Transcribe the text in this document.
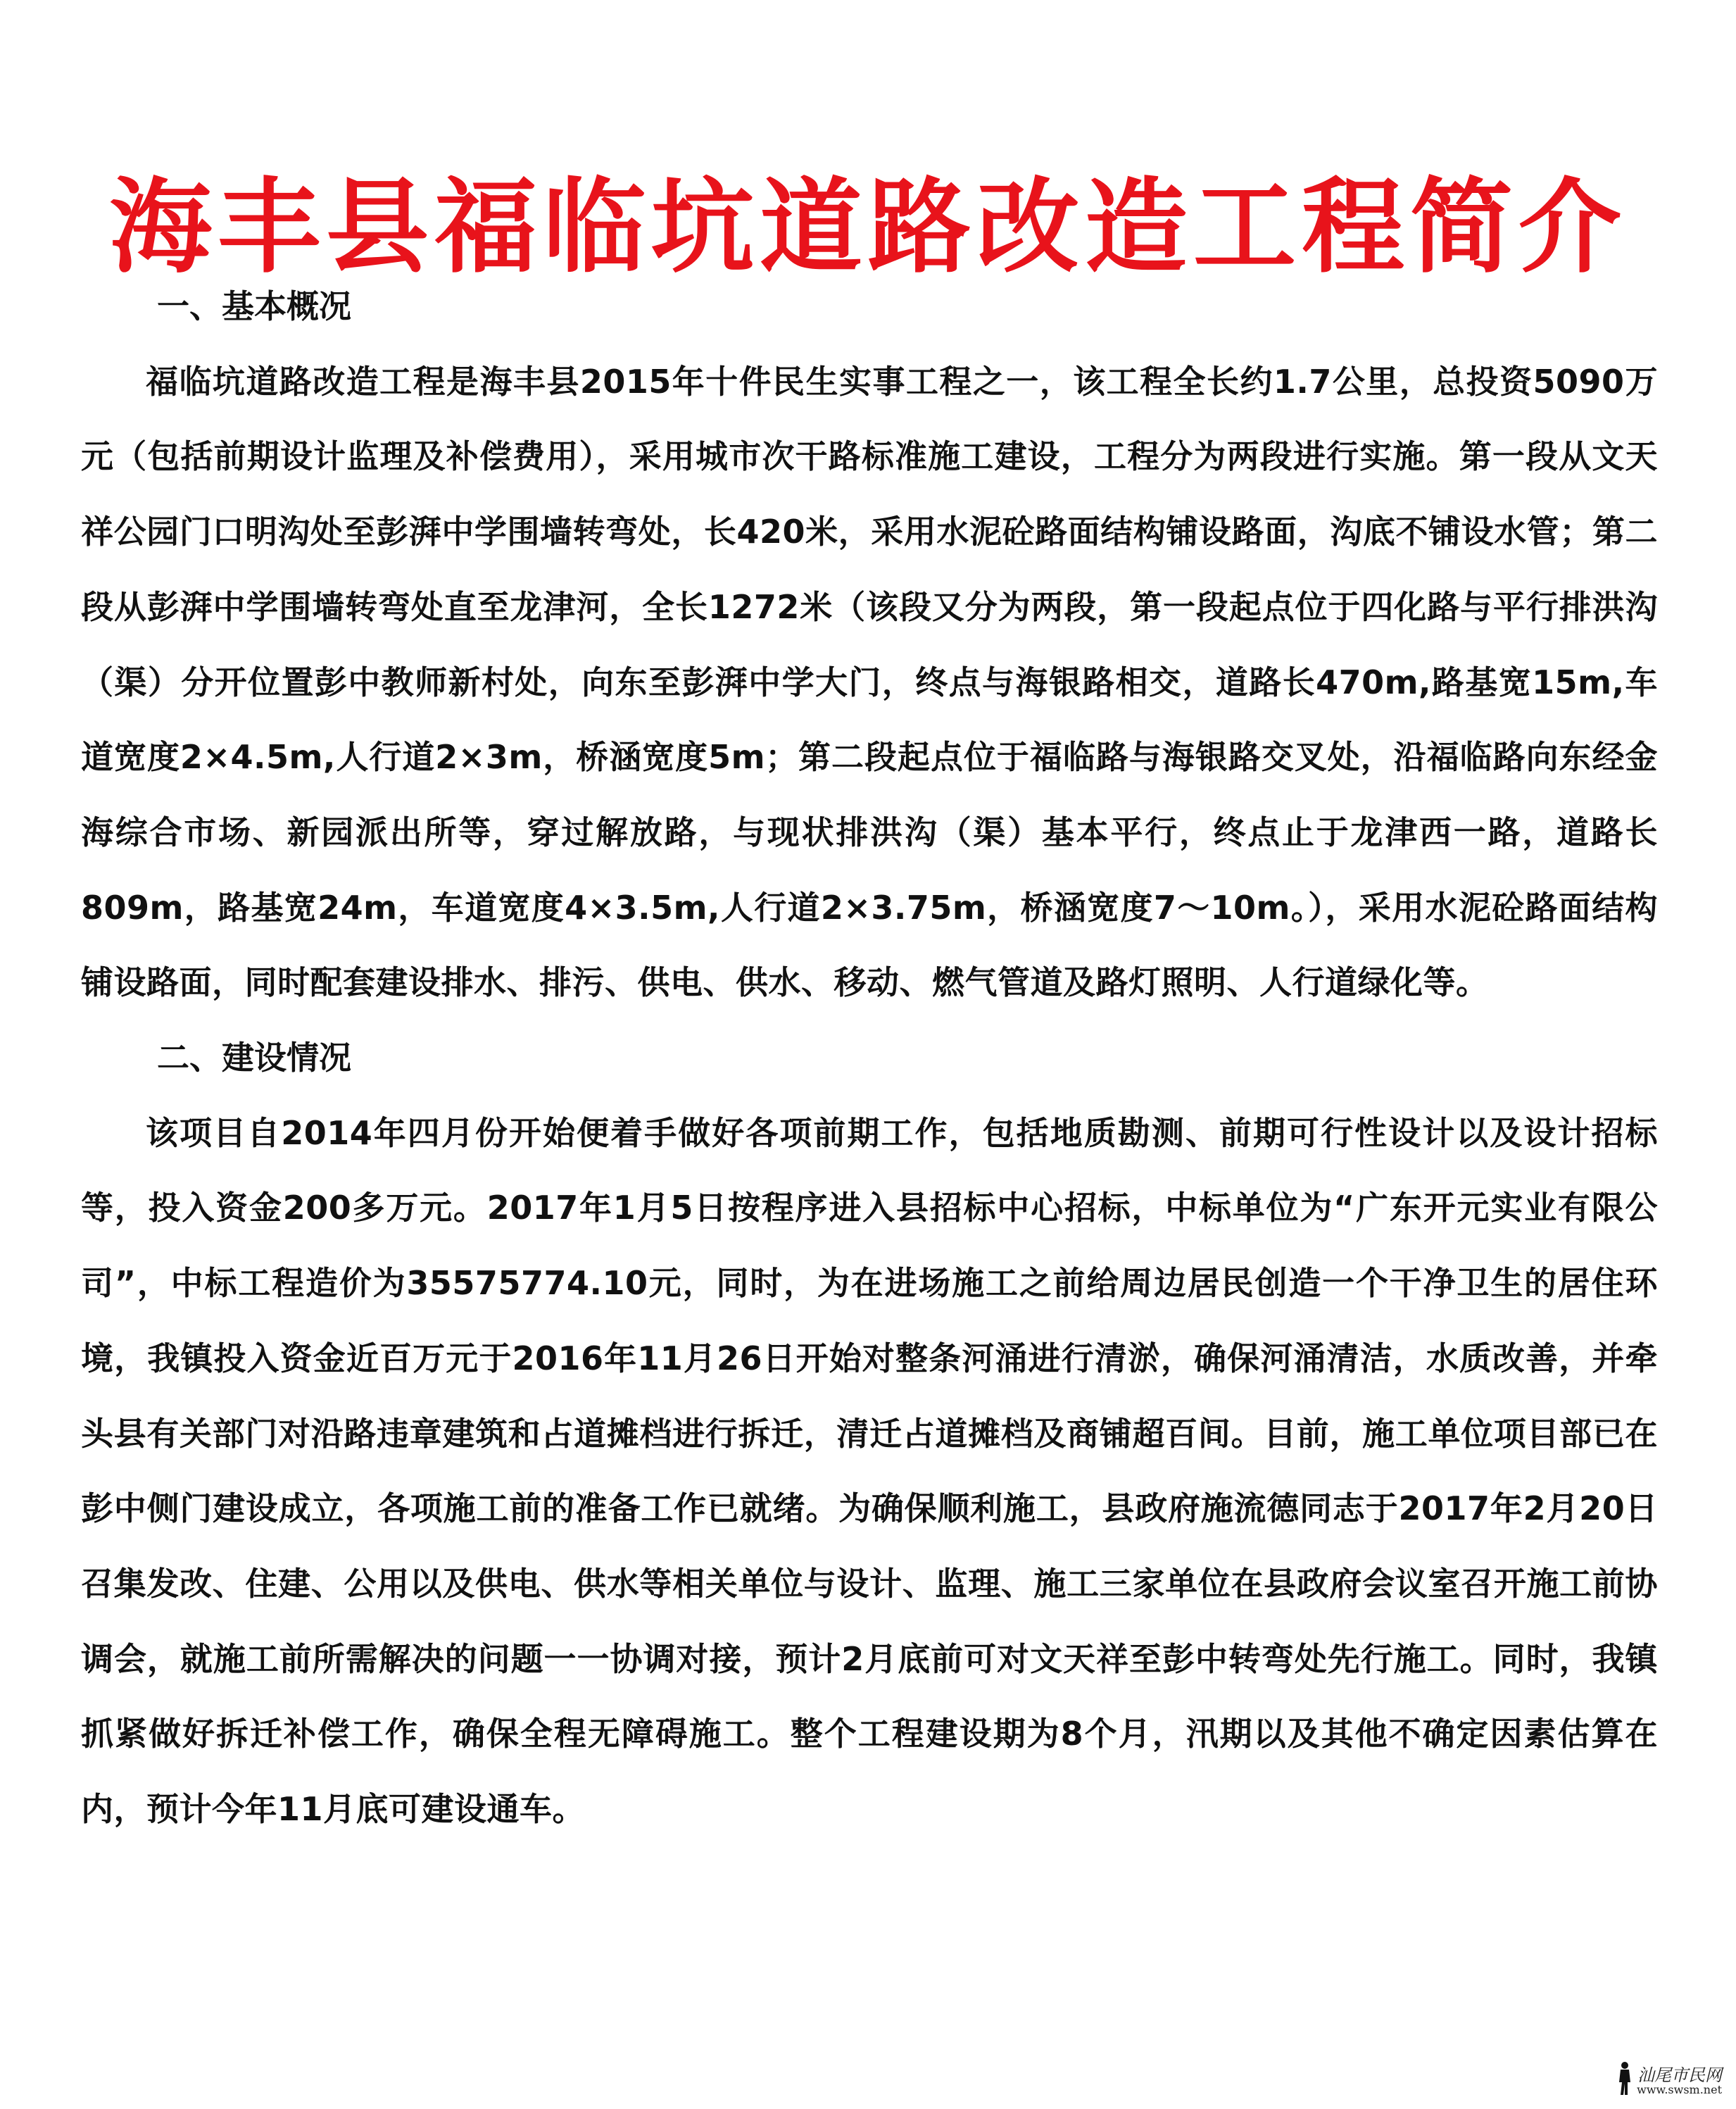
海丰县福临坑道路改造工程简介
一、基本概况

福临坑道路改造工程是海丰县2015年十件民生实事工程之一，该工程全长约1.7公里，总投资5090万元（包括前期设计监理及补偿费用），采用城市次干路标准施工建设，工程分为两段进行实施。第一段从文天祥公园门口明沟处至彭湃中学围墙转弯处，长420米，采用水泥砼路面结构铺设路面，沟底不铺设水管；第二段从彭湃中学围墙转弯处直至龙津河，全长1272米（该段又分为两段，第一段起点位于四化路与平行排洪沟（渠）分开位置彭中教师新村处，向东至彭湃中学大门，终点与海银路相交，道路长470m,路基宽15m,车道宽度2×4.5m,人行道2×3m，桥涵宽度5m；第二段起点位于福临路与海银路交叉处，沿福临路向东经金海综合市场、新园派出所等，穿过解放路，与现状排洪沟（渠）基本平行，终点止于龙津西一路，道路长809m，路基宽24m，车道宽度4×3.5m,人行道2×3.75m，桥涵宽度7～10m。），采用水泥砼路面结构铺设路面，同时配套建设排水、排污、供电、供水、移动、燃气管道及路灯照明、人行道绿化等。

二、建设情况

该项目自2014年四月份开始便着手做好各项前期工作，包括地质勘测、前期可行性设计以及设计招标等，投入资金200多万元。2017年1月5日按程序进入县招标中心招标，中标单位为“广东开元实业有限公司”，中标工程造价为35575774.10元，同时，为在进场施工之前给周边居民创造一个干净卫生的居住环境，我镇投入资金近百万元于2016年11月26日开始对整条河涌进行清淤，确保河涌清洁，水质改善，并牵头县有关部门对沿路违章建筑和占道摊档进行拆迁，清迁占道摊档及商铺超百间。目前，施工单位项目部已在彭中侧门建设成立，各项施工前的准备工作已就绪。为确保顺利施工，县政府施流德同志于2017年2月20日召集发改、住建、公用以及供电、供水等相关单位与设计、监理、施工三家单位在县政府会议室召开施工前协调会，就施工前所需解决的问题一一协调对接，预计2月底前可对文天祥至彭中转弯处先行施工。同时，我镇抓紧做好拆迁补偿工作，确保全程无障碍施工。整个工程建设期为8个月，汛期以及其他不确定因素估算在内，预计今年11月底可建设通车。

汕尾市民网
www.swsm.net
